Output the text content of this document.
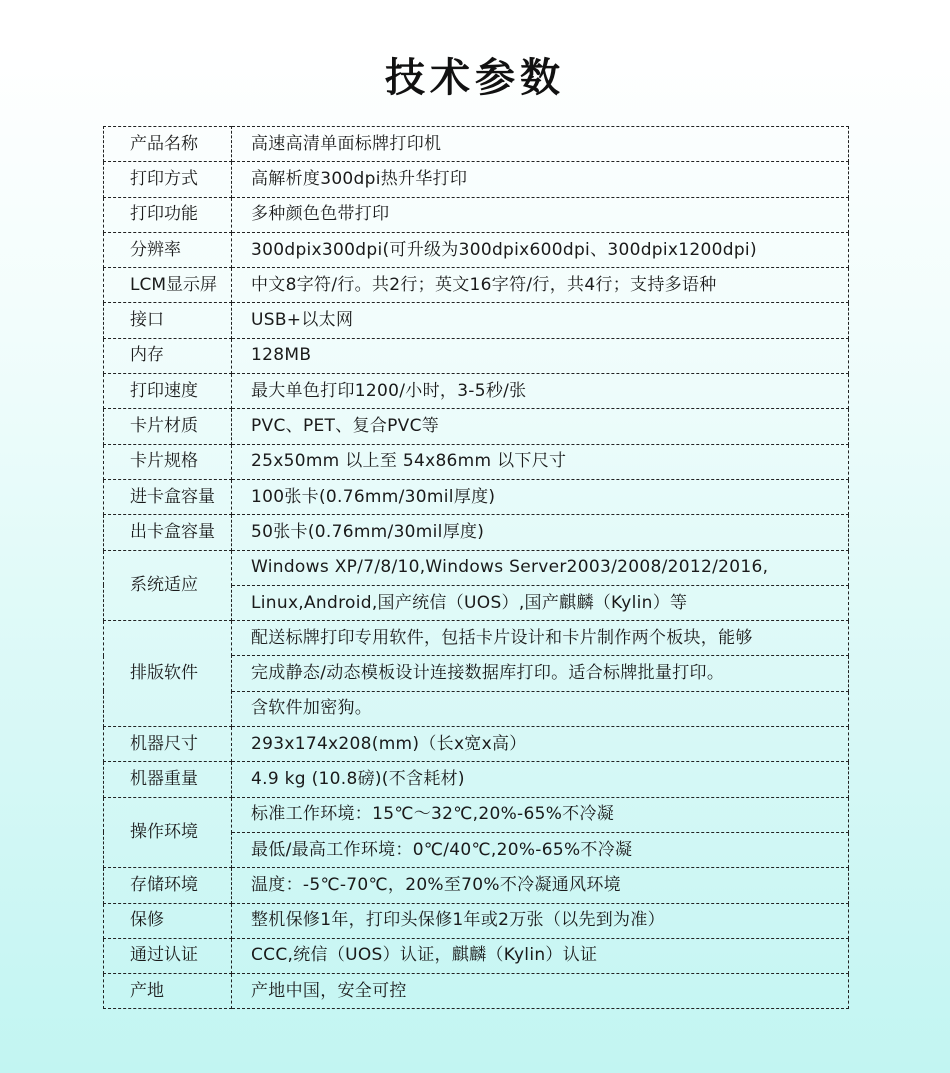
技术参数
产品名称	高速高清单面标牌打印机
打印方式	高解析度300dpi热升华打印
打印功能	多种颜色色带打印
分辨率	300dpix300dpi(可升级为300dpix600dpi、300dpix1200dpi)
LCM显示屏	中文8字符/行。共2行；英文16字符/行，共4行；支持多语种
接口	USB+以太网
内存	128MB
打印速度	最大单色打印1200/小时，3-5秒/张
卡片材质	PVC、PET、复合PVC等
卡片规格	25x50mm 以上至 54x86mm 以下尺寸
进卡盒容量	100张卡(0.76mm/30mil厚度)
出卡盒容量	50张卡(0.76mm/30mil厚度)
系统适应	Windows XP/7/8/10,Windows Server2003/2008/2012/2016,
	Linux,Android,国产统信（UOS）,国产麒麟（Kylin）等
排版软件	配送标牌打印专用软件，包括卡片设计和卡片制作两个板块，能够
	完成静态/动态模板设计连接数据库打印。适合标牌批量打印。
	含软件加密狗。
机器尺寸	293x174x208(mm)（长x宽x高）
机器重量	4.9 kg (10.8磅)(不含耗材)
操作环境	标准工作环境：15℃～32℃,20%-65%不冷凝
	最低/最高工作环境：0℃/40℃,20%-65%不冷凝
存储环境	温度：-5℃-70℃，20%至70%不冷凝通风环境
保修	整机保修1年，打印头保修1年或2万张（以先到为准）
通过认证	CCC,统信（UOS）认证，麒麟（Kylin）认证
产地	产地中国，安全可控
